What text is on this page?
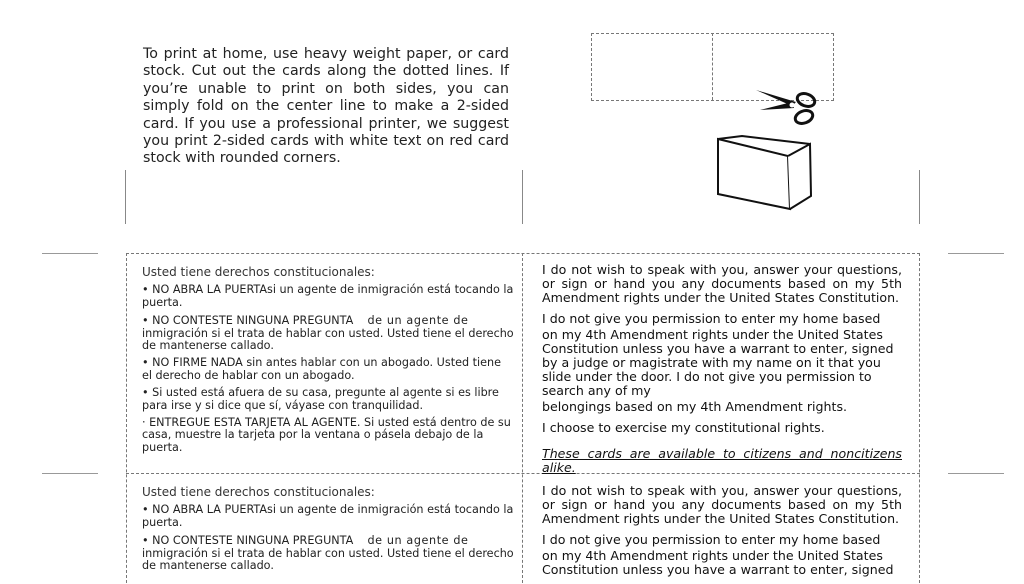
To print at home, use heavy weight paper, or card stock. Cut out the cards along the dotted lines. If you’re unable to print on both sides, you can simply fold on the center line to make a 2-sided card. If you use a professional printer, we suggest you print 2-sided cards with white text on red card stock with rounded corners.
Usted tiene derechos constitucionales:
• NO ABRA LA PUERTAsi un agente de inmigración está tocando la puerta.
• NO CONTESTE NINGUNA PREGUNTA de un agente de inmigración si el trata de hablar con usted. Usted tiene el derecho de mantenerse callado.
• NO FIRME NADA sin antes hablar con un abogado. Usted tiene el derecho de hablar con un abogado.
• Si usted está afuera de su casa, pregunte al agente si es libre para irse y si dice que sí, váyase con tranquilidad.
· ENTREGUE ESTA TARJETA AL AGENTE. Si usted está dentro de su casa, muestre la tarjeta por la ventana o pásela debajo de la puerta.

I do not wish to speak with you, answer your questions, or sign or hand you any documents based on my 5th Amendment rights under the United States Constitution.

I do not give you permission to enter my home based

on my 4th Amendment rights under the United States Constitution unless you have a warrant to enter, signed by a judge or magistrate with my name on it that you slide under the door. I do not give you permission to search any of my

belongings based on my 4th Amendment rights.

I choose to exercise my constitutional rights.

These cards are available to citizens and noncitizens alike.

Usted tiene derechos constitucionales:
• NO ABRA LA PUERTAsi un agente de inmigración está tocando la puerta.
• NO CONTESTE NINGUNA PREGUNTA de un agente de inmigración si el trata de hablar con usted. Usted tiene el derecho de mantenerse callado.

I do not wish to speak with you, answer your questions, or sign or hand you any documents based on my 5th Amendment rights under the United States Constitution.

I do not give you permission to enter my home based

on my 4th Amendment rights under the United States Constitution unless you have a warrant to enter, signed
